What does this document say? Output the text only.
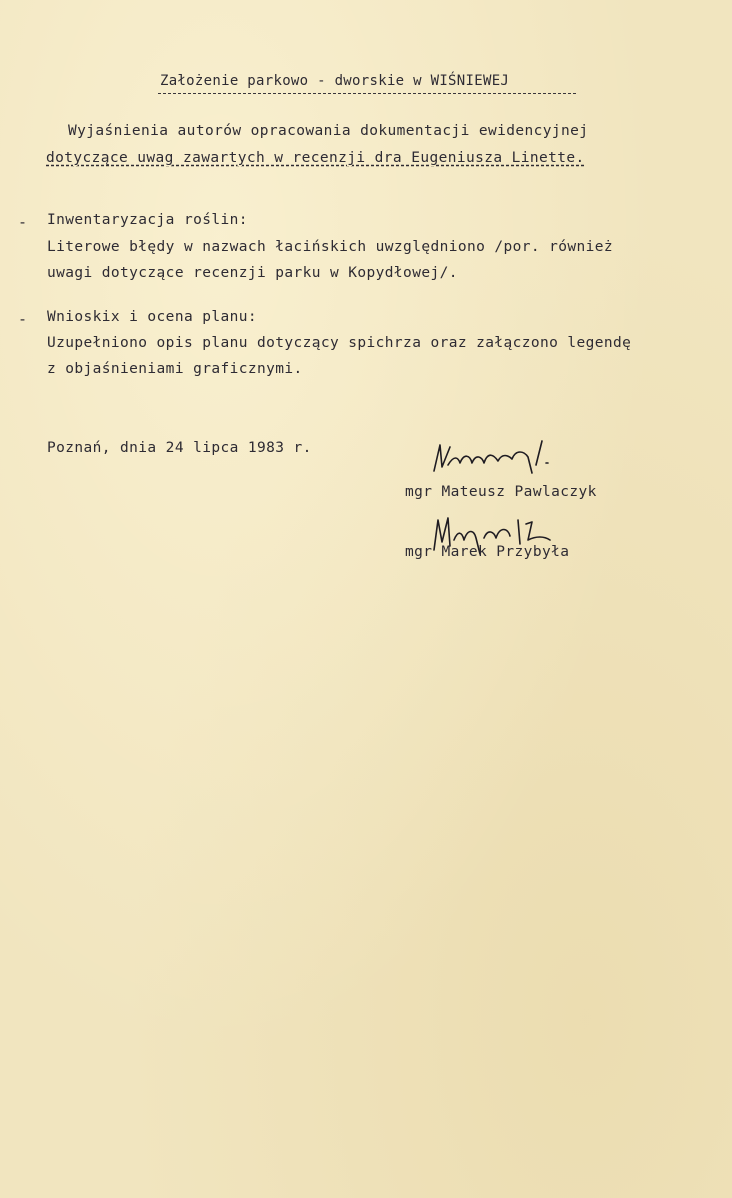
Założenie parkowo - dworskie w WIŚNIEWEJ
Wyjaśnienia autorów opracowania dokumentacji ewidencyjnej
dotyczące uwag zawartych w recenzji dra Eugeniusza Linette.
- Inwentaryzacja roślin:
Literowe błędy w nazwach łacińskich uwzględniono /por. również
uwagi dotyczące recenzji parku w Kopydłowej/.
- Wnioskix i ocena planu:
Uzupełniono opis planu dotyczący spichrza oraz załączono legendę
z objaśnieniami graficznymi.
Poznań, dnia 24 lipca 1983 r.
mgr Mateusz Pawlaczyk
mgr Marek Przybyła
